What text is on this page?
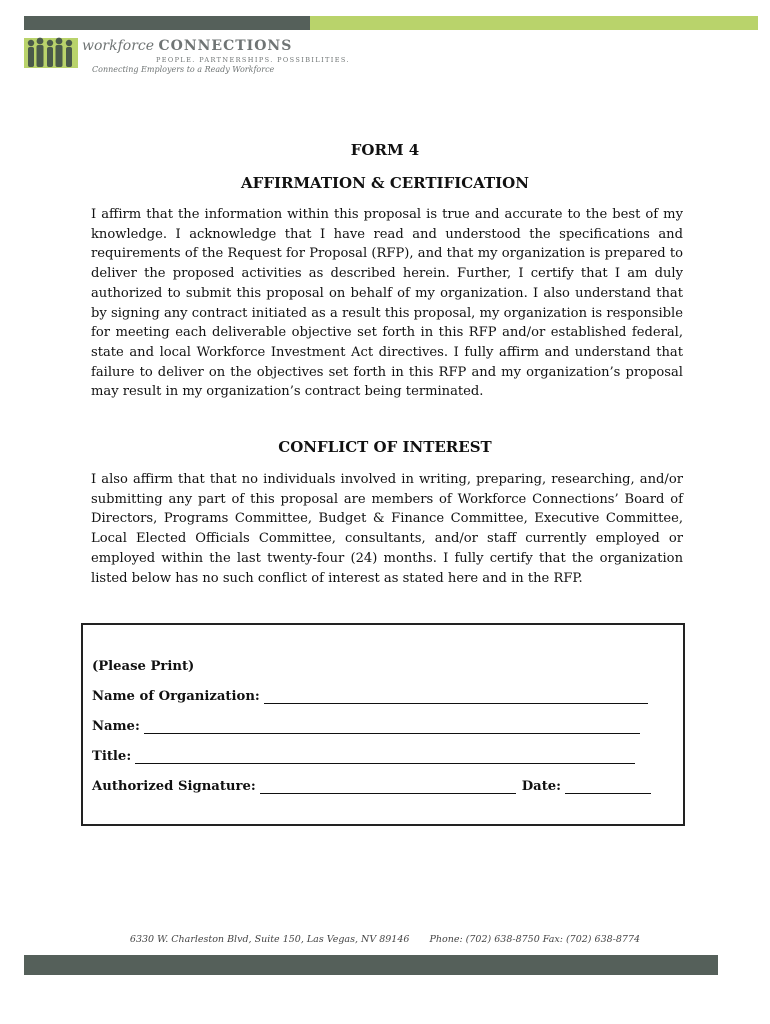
workforce CONNECTIONS
PEOPLE. PARTNERSHIPS. POSSIBILITIES.
Connecting Employers to a Ready Workforce
FORM 4
AFFIRMATION & CERTIFICATION

I affirm that the information within this proposal is true and accurate to the best of my knowledge. I acknowledge that I have read and understood the specifications and requirements of the Request for Proposal (RFP), and that my organization is prepared to deliver the proposed activities as described herein. Further, I certify that I am duly authorized to submit this proposal on behalf of my organization. I also understand that by signing any contract initiated as a result this proposal, my organization is responsible for meeting each deliverable objective set forth in this RFP and/or established federal, state and local Workforce Investment Act directives. I fully affirm and understand that failure to deliver on the objectives set forth in this RFP and my organization’s proposal may result in my organization’s contract being terminated.

CONFLICT OF INTEREST

I also affirm that that no individuals involved in writing, preparing, researching, and/or submitting any part of this proposal are members of Workforce Connections’ Board of Directors, Programs Committee, Budget & Finance Committee, Executive Committee, Local Elected Officials Committee, consultants, and/or staff currently employed or employed within the last twenty-four (24) months. I fully certify that the organization listed below has no such conflict of interest as stated here and in the RFP.

(Please Print)
Name of Organization:
Name:
Title:
Authorized Signature:	Date:
6330 W. Charleston Blvd, Suite 150, Las Vegas, NV 89146 Phone: (702) 638-8750 Fax: (702) 638-8774
